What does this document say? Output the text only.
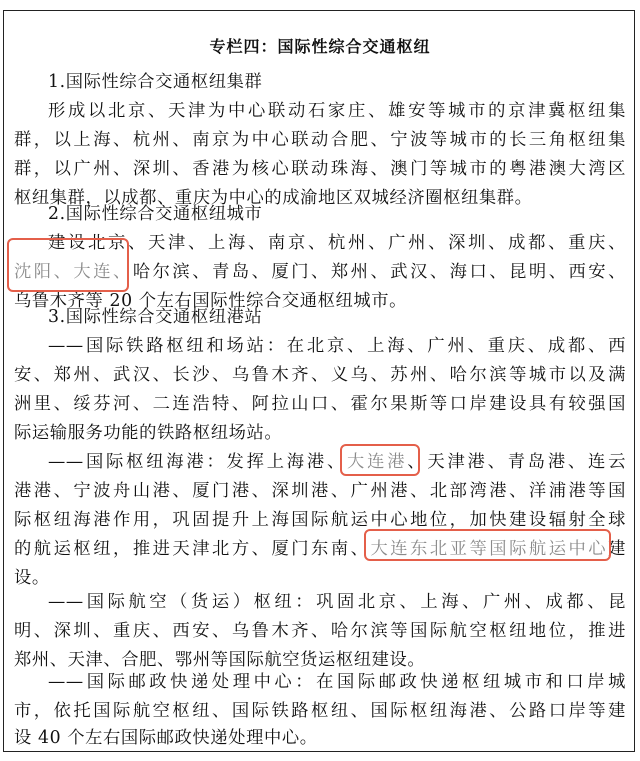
专栏四：国际性综合交通枢纽
1.国际性综合交通枢纽集群
形成以北京、天津为中心联动石家庄、雄安等城市的京津冀枢纽集
群，以上海、杭州、南京为中心联动合肥、宁波等城市的长三角枢纽集
群，以广州、深圳、香港为核心联动珠海、澳门等城市的粤港澳大湾区
枢纽集群，以成都、重庆为中心的成渝地区双城经济圈枢纽集群。
2.国际性综合交通枢纽城市
建设北京、天津、上海、南京、杭州、广州、深圳、成都、重庆、
沈阳、大连、哈尔滨、青岛、厦门、郑州、武汉、海口、昆明、西安、
乌鲁木齐等 20 个左右国际性综合交通枢纽城市。
3.国际性综合交通枢纽港站
——国际铁路枢纽和场站：在北京、上海、广州、重庆、成都、西
安、郑州、武汉、长沙、乌鲁木齐、义乌、苏州、哈尔滨等城市以及满
洲里、绥芬河、二连浩特、阿拉山口、霍尔果斯等口岸建设具有较强国
际运输服务功能的铁路枢纽场站。
——国际枢纽海港：发挥上海港、大连港、天津港、青岛港、连云
港港、宁波舟山港、厦门港、深圳港、广州港、北部湾港、洋浦港等国
际枢纽海港作用，巩固提升上海国际航运中心地位，加快建设辐射全球
的航运枢纽，推进天津北方、厦门东南、大连东北亚等国际航运中心建
设。
——国际航空（货运）枢纽：巩固北京、上海、广州、成都、昆
明、深圳、重庆、西安、乌鲁木齐、哈尔滨等国际航空枢纽地位，推进
郑州、天津、合肥、鄂州等国际航空货运枢纽建设。
——国际邮政快递处理中心：在国际邮政快递枢纽城市和口岸城
市，依托国际航空枢纽、国际铁路枢纽、国际枢纽海港、公路口岸等建
设 40 个左右国际邮政快递处理中心。
